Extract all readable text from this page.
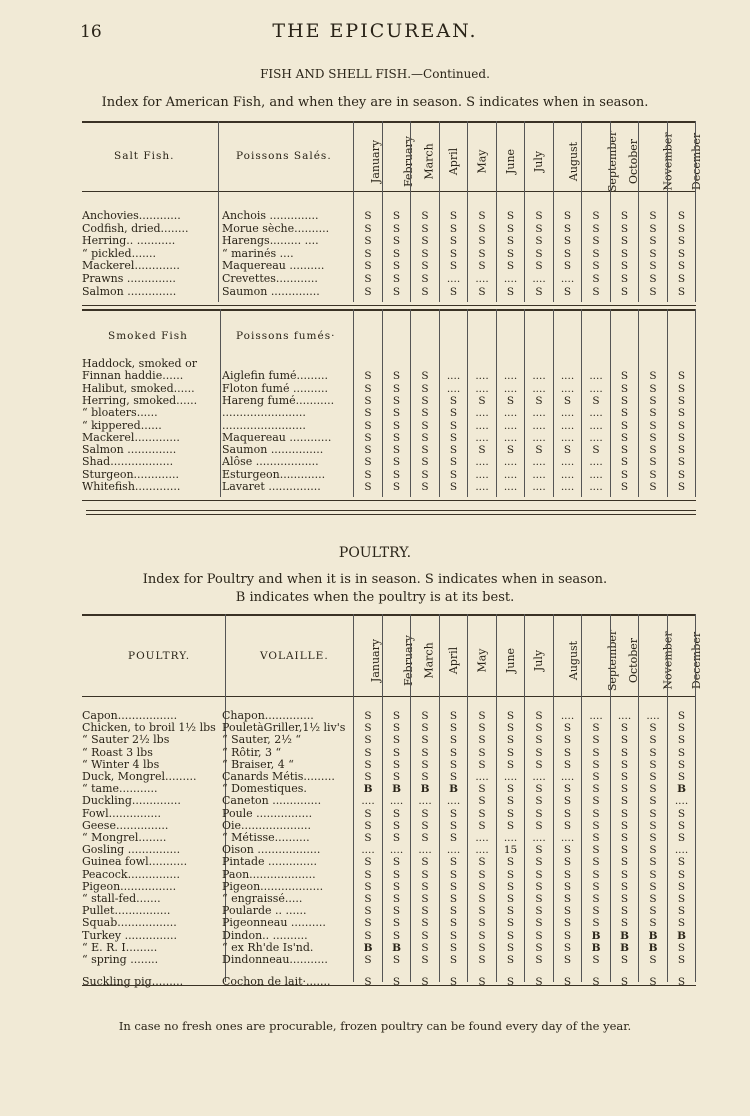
16	THE EPICUREAN.
FISH AND SHELL FISH.—Continued.
Index for American Fish, and when they are in season. S indicates when in season.
POULTRY.
Index for Poultry and when it is in season. S indicates when in season.
B indicates when the poultry is at its best.
In case no fresh ones are procurable, frozen poultry can be found every day of the year.
Salt Fish.	Poissons Salés.	January	February March	April	May	June	July	August	September October	November	December
Anchovies............	Anchois ..............	S	S	S	S	S	S	S	S	S	S	S	S
Codfish, dried........	Morue sèche..........	S	S	S	S	S	S	S	S	S	S	S	S
Herring.. ...........	Harengs......... ....	S	S	S	S	S	S	S	S	S	S	S	S
“ pickled.......	“ marinés ....	S	S	S	S	S	S	S	S	S	S	S	S
Mackerel.............	Maquereau ..........	S	S	S	S	S	S	S	S	S	S	S	S
Prawns ..............	Crevettes............	S	S	S	....	....	....	....	....	S	S	S	S
Salmon ..............	Saumon ..............	S	S	S	S	S	S	S	S	S	S	S	S
Smoked Fish	Poissons fumés·
Haddock, smoked or
Finnan haddie......	Aiglefin fumé.........	S	S	S	....	....	....	....	....	....	S	S	S
Halibut, smoked......	Floton fumé ..........	S	S	S	....	....	....	....	....	....	S	S	S
Herring, smoked......	Hareng fumé...........	S	S	S	S	S	S	S	S	S	S	S	S
“ bloaters......	........................	S	S	S	S	....	....	....	....	....	S	S	S
“ kippered......	........................	S	S	S	S	....	....	....	....	....	S	S	S
Mackerel.............	Maquereau ............	S	S	S	S	....	....	....	....	....	S	S	S
Salmon ..............	Saumon ...............	S	S	S	S	S	S	S	S	S	S	S	S
Shad..................	Alôse ..................	S	S	S	S	....	....	....	....	....	S	S	S
Sturgeon.............	Esturgeon.............	S	S	S	S	....	....	....	....	....	S	S	S
Whitefish.............	Lavaret ...............	S	S	S	S	....	....	....	....	....	S	S	S
POULTRY.	VOLAILLE.	January	February March	April	May	June	July	August	September October	November	December
Capon.................	Chapon..............	S	S	S	S	S	S	S	....	....	....	....	S
Chicken, to broil 1½ lbs PouletàGriller,1½ liv's	S	S	S	S	S	S	S	S	S	S	S	S
“ Sauter 2½ lbs	“ Sauter, 2½ “	S	S	S	S	S	S	S	S	S	S	S	S
“ Roast 3 lbs	“ Rôtir, 3 “	S	S	S	S	S	S	S	S	S	S	S	S
“ Winter 4 lbs	“ Braiser, 4 “	S	S	S	S	S	S	S	S	S	S	S	S
Duck, Mongrel.........	Canards Métis.........	S	S	S	S	....	....	....	....	S	S	S	S
“ tame...........	“ Domestiques.	B	B	B	B	S	S	S	S	S	S	S	B
Duckling..............	Caneton ..............	....	....	....	....	S	S	S	S	S	S	S	....
Fowl...............	Poule ................	S	S	S	S	S	S	S	S	S	S	S	S
Geese...............	Oie....................	S	S	S	S	S	S	S	S	S	S	S	S
“ Mongrel........	“ Métisse..........	S	S	S	S	....	....	....	....	S	S	S	S
Gosling ...............	Oison ..................	....	....	....	....	....	15	S	S	S	S	S	....
Guinea fowl...........	Pintade ..............	S	S	S	S	S	S	S	S	S	S	S	S
Peacock...............	Paon...................	S	S	S	S	S	S	S	S	S	S	S	S
Pigeon................	Pigeon..................	S	S	S	S	S	S	S	S	S	S	S	S
“ stall-fed.......	“ engraissé.....	S	S	S	S	S	S	S	S	S	S	S	S
Pullet................	Poularde .. ......	S	S	S	S	S	S	S	S	S	S	S	S
Squab.................	Pigeonneau ..........	S	S	S	S	S	S	S	S	S	S	S	S
Turkey ...............	Dindon.. ..........	S	S	S	S	S	S	S	S	B	B	B	B
“ E. R. I.........	“ ex Rh'de Is'nd.	B	B	S	S	S	S	S	S	B	B	B	S
“ spring ........	Dindonneau...........	S	S	S	S	S	S	S	S	S	S	S	S
Suckling pig.........	Cochon de lait·.......	S	S	S	S	S	S	S	S	S	S	S	S
